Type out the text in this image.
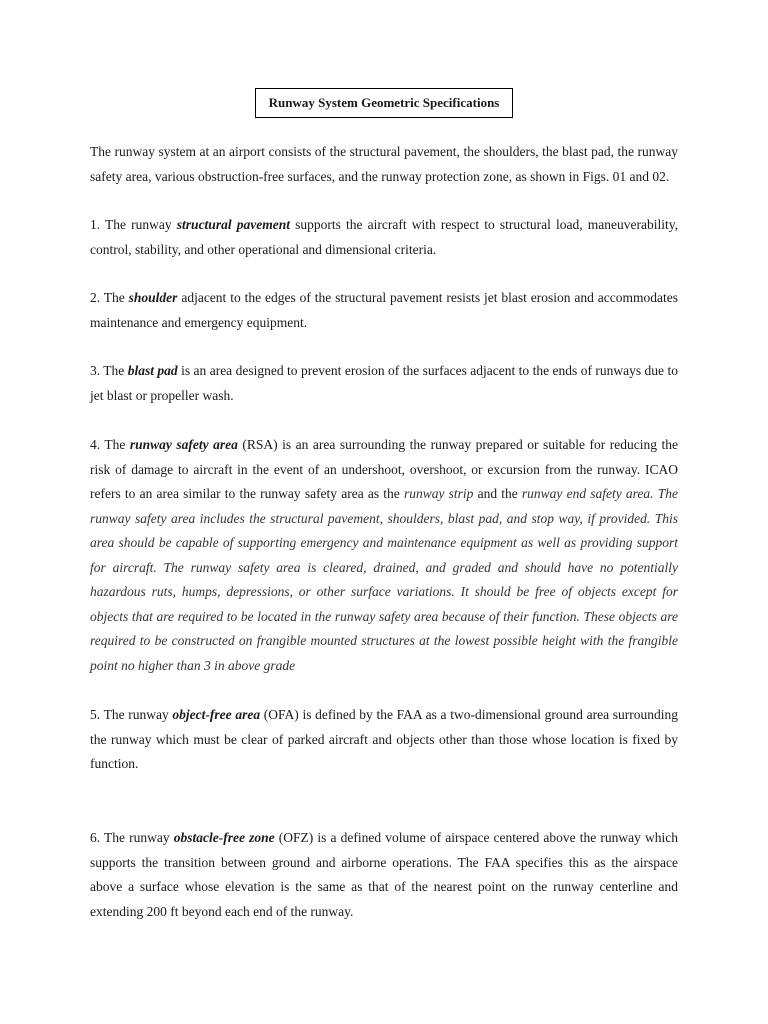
Runway System Geometric Specifications

The runway system at an airport consists of the structural pavement, the shoulders, the blast pad, the runway safety area, various obstruction-free surfaces, and the runway protection zone, as shown in Figs. 01 and 02.

1. The runway structural pavement supports the aircraft with respect to structural load, maneuverability, control, stability, and other operational and dimensional criteria.

2. The shoulder adjacent to the edges of the structural pavement resists jet blast erosion and accommodates maintenance and emergency equipment.

3. The blast pad is an area designed to prevent erosion of the surfaces adjacent to the ends of runways due to jet blast or propeller wash.

4. The runway safety area (RSA) is an area surrounding the runway prepared or suitable for reducing the risk of damage to aircraft in the event of an undershoot, overshoot, or excursion from the runway. ICAO refers to an area similar to the runway safety area as the runway strip and the runway end safety area. The runway safety area includes the structural pavement, shoulders, blast pad, and stop way, if provided. This area should be capable of supporting emergency and maintenance equipment as well as providing support for aircraft. The runway safety area is cleared, drained, and graded and should have no potentially hazardous ruts, humps, depressions, or other surface variations. It should be free of objects except for objects that are required to be located in the runway safety area because of their function. These objects are required to be constructed on frangible mounted structures at the lowest possible height with the frangible point no higher than 3 in above grade

5. The runway object-free area (OFA) is defined by the FAA as a two-dimensional ground area surrounding the runway which must be clear of parked aircraft and objects other than those whose location is fixed by function.

6. The runway obstacle-free zone (OFZ) is a defined volume of airspace centered above the runway which supports the transition between ground and airborne operations. The FAA specifies this as the airspace above a surface whose elevation is the same as that of the nearest point on the runway centerline and extending 200 ft beyond each end of the runway.
